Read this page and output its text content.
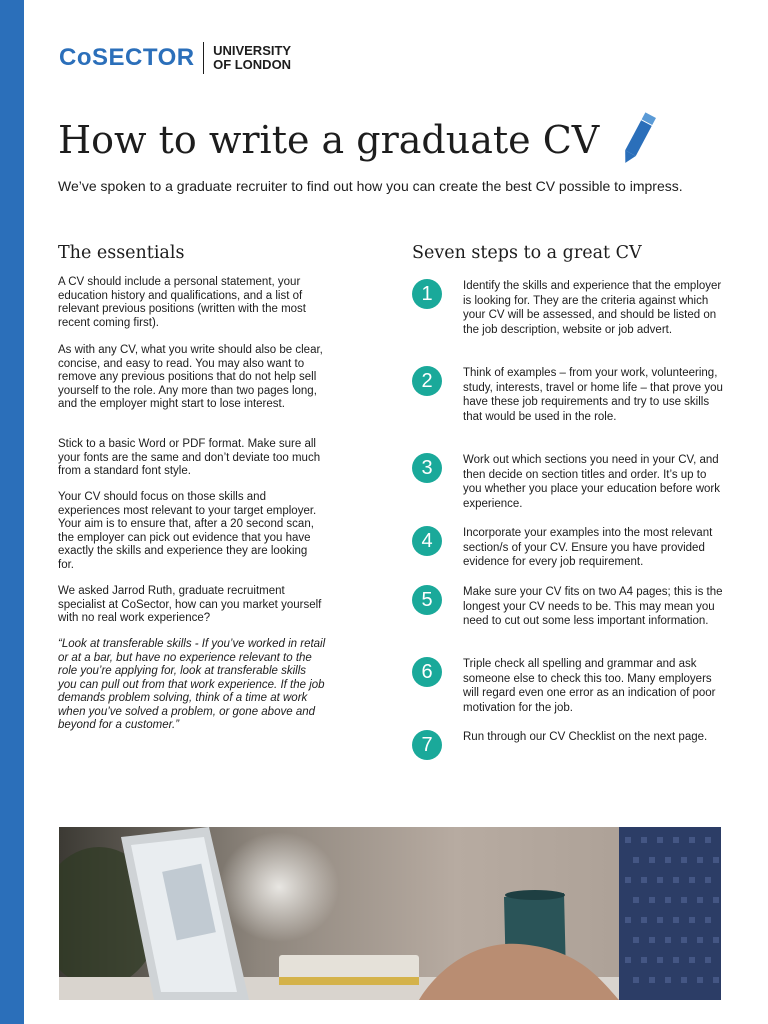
CoSECTOR UNIVERSITY
OF LONDON
How to write a graduate CV

We’ve spoken to a graduate recruiter to find out how you can create the best CV possible to impress.

The essentials	Seven steps to a great CV

A CV should include a personal statement, your education history and qualifications, and a list of relevant previous positions (written with the most recent coming first).

As with any CV, what you write should also be clear, concise, and easy to read. You may also want to remove any previous positions that do not help sell yourself to the role. Any more than two pages long, and the employer might start to lose interest.

Stick to a basic Word or PDF format. Make sure all your fonts are the same and don’t deviate too much from a standard font style.

Your CV should focus on those skills and experiences most relevant to your target employer. Your aim is to ensure that, after a 20 second scan, the employer can pick out evidence that you have exactly the skills and experience they are looking for.

We asked Jarrod Ruth, graduate recruitment specialist at CoSector, how can you market yourself with no real work experience?

“Look at transferable skills - If you’ve worked in retail or at a bar, but have no experience relevant to the role you’re applying for, look at transferable skills you can pull out from that work experience. If the job demands problem solving, think of a time at work when you’ve solved a problem, or gone above and beyond for a customer.”

1	Identify the skills and experience that the employer is looking for. They are the criteria against which your CV will be assessed, and should be listed on the job description, website or job advert.

2	Think of examples – from your work, volunteering, study, interests, travel or home life – that prove you have these job requirements and try to use skills that would be used in the role.

3	Work out which sections you need in your CV, and then decide on section titles and order. It’s up to you whether you place your education before work experience.

4	Incorporate your examples into the most relevant section/s of your CV. Ensure you have provided evidence for every job requirement.

5	Make sure your CV fits on two A4 pages; this is the longest your CV needs to be. This may mean you need to cut out some less important information.

6	Triple check all spelling and grammar and ask someone else to check this too. Many employers will regard even one error as an indication of poor motivation for the job.

7	Run through our CV Checklist on the next page.
